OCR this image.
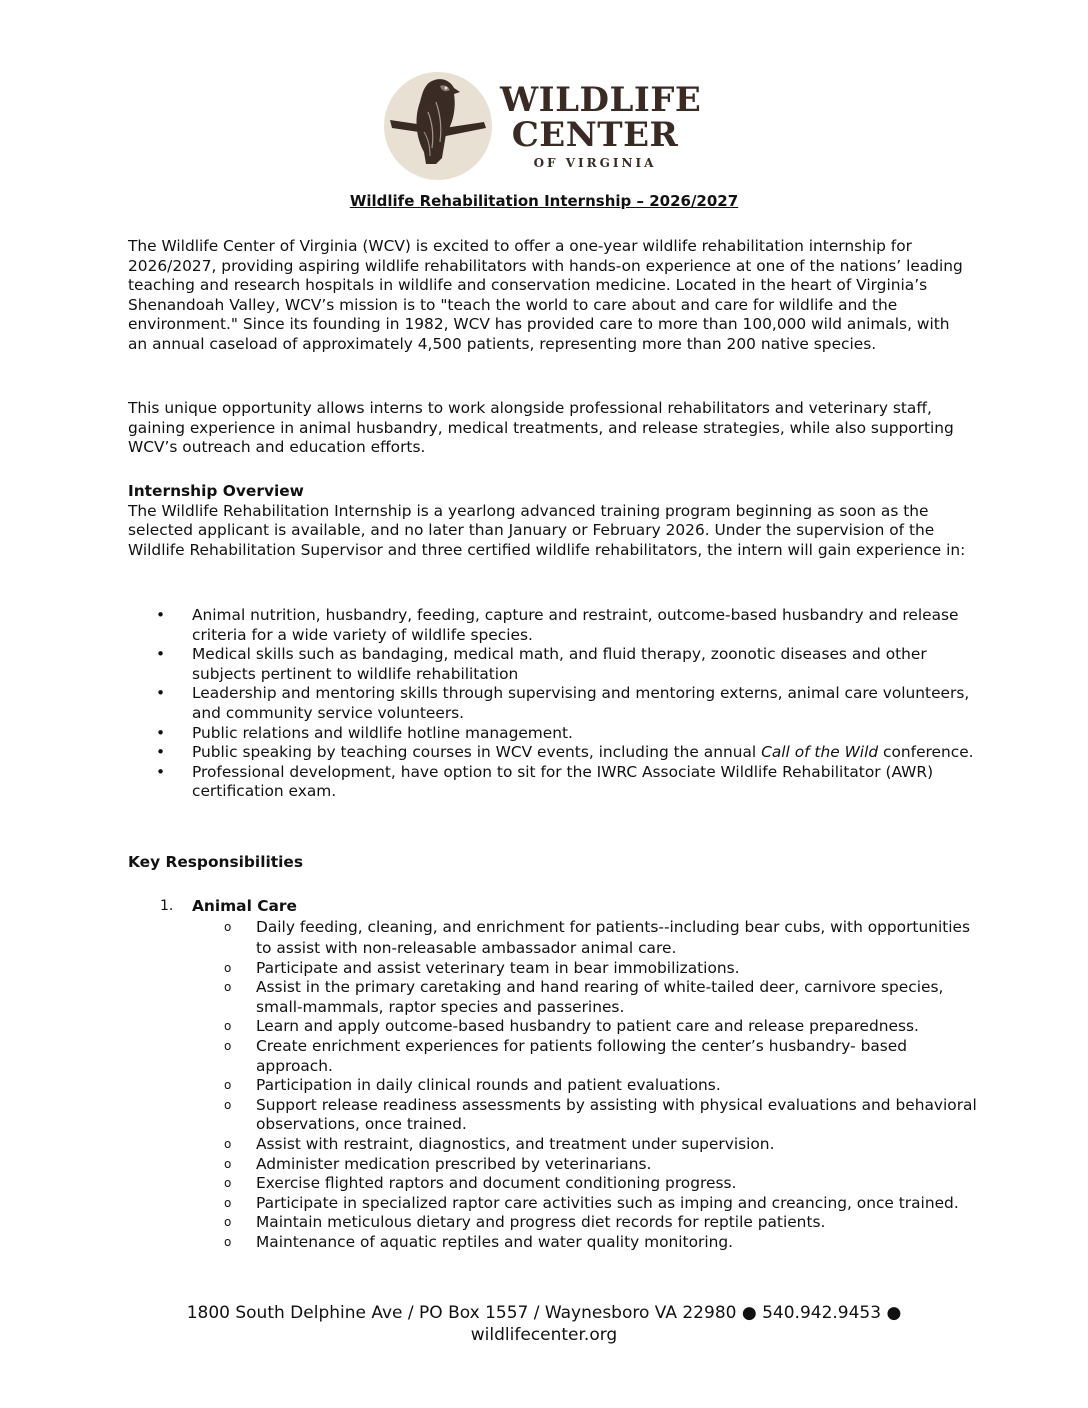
WILDLIFE
CENTER
OF VIRGINIA
Wildlife Rehabilitation Internship – 2026/2027

The Wildlife Center of Virginia (WCV) is excited to offer a one-year wildlife rehabilitation internship for 2026/2027, providing aspiring wildlife rehabilitators with hands-on experience at one of the nations’ leading teaching and research hospitals in wildlife and conservation medicine. Located in the heart of Virginia’s Shenandoah Valley, WCV’s mission is to "teach the world to care about and care for wildlife and the environment." Since its founding in 1982, WCV has provided care to more than 100,000 wild animals, with an annual caseload of approximately 4,500 patients, representing more than 200 native species.

This unique opportunity allows interns to work alongside professional rehabilitators and veterinary staff, gaining experience in animal husbandry, medical treatments, and release strategies, while also supporting WCV’s outreach and education efforts.

Internship Overview

The Wildlife Rehabilitation Internship is a yearlong advanced training program beginning as soon as the selected applicant is available, and no later than January or February 2026. Under the supervision of the Wildlife Rehabilitation Supervisor and three certified wildlife rehabilitators, the intern will gain experience in:

• Animal nutrition, husbandry, feeding, capture and restraint, outcome-based husbandry and release criteria for a wide variety of wildlife species.
• Medical skills such as bandaging, medical math, and fluid therapy, zoonotic diseases and other subjects pertinent to wildlife rehabilitation
• Leadership and mentoring skills through supervising and mentoring externs, animal care volunteers, and community service volunteers.
• Public relations and wildlife hotline management.
• Public speaking by teaching courses in WCV events, including the annual Call of the Wild conference.
• Professional development, have option to sit for the IWRC Associate Wildlife Rehabilitator (AWR) certification exam.
Key Responsibilities
1. Animal Care
o Daily feeding, cleaning, and enrichment for patients--including bear cubs, with opportunities to assist with non-releasable ambassador animal care.
o Participate and assist veterinary team in bear immobilizations.
o Assist in the primary caretaking and hand rearing of white-tailed deer, carnivore species, small-mammals, raptor species and passerines.
o Learn and apply outcome-based husbandry to patient care and release preparedness.
o Create enrichment experiences for patients following the center’s husbandry- based approach.
o Participation in daily clinical rounds and patient evaluations.
o Support release readiness assessments by assisting with physical evaluations and behavioral observations, once trained.
o Assist with restraint, diagnostics, and treatment under supervision.
o Administer medication prescribed by veterinarians.
o Exercise flighted raptors and document conditioning progress.
o Participate in specialized raptor care activities such as imping and creancing, once trained.
o Maintain meticulous dietary and progress diet records for reptile patients.
o Maintenance of aquatic reptiles and water quality monitoring.
1800 South Delphine Ave / PO Box 1557 / Waynesboro VA 22980 ● 540.942.9453 ●
wildlifecenter.org
